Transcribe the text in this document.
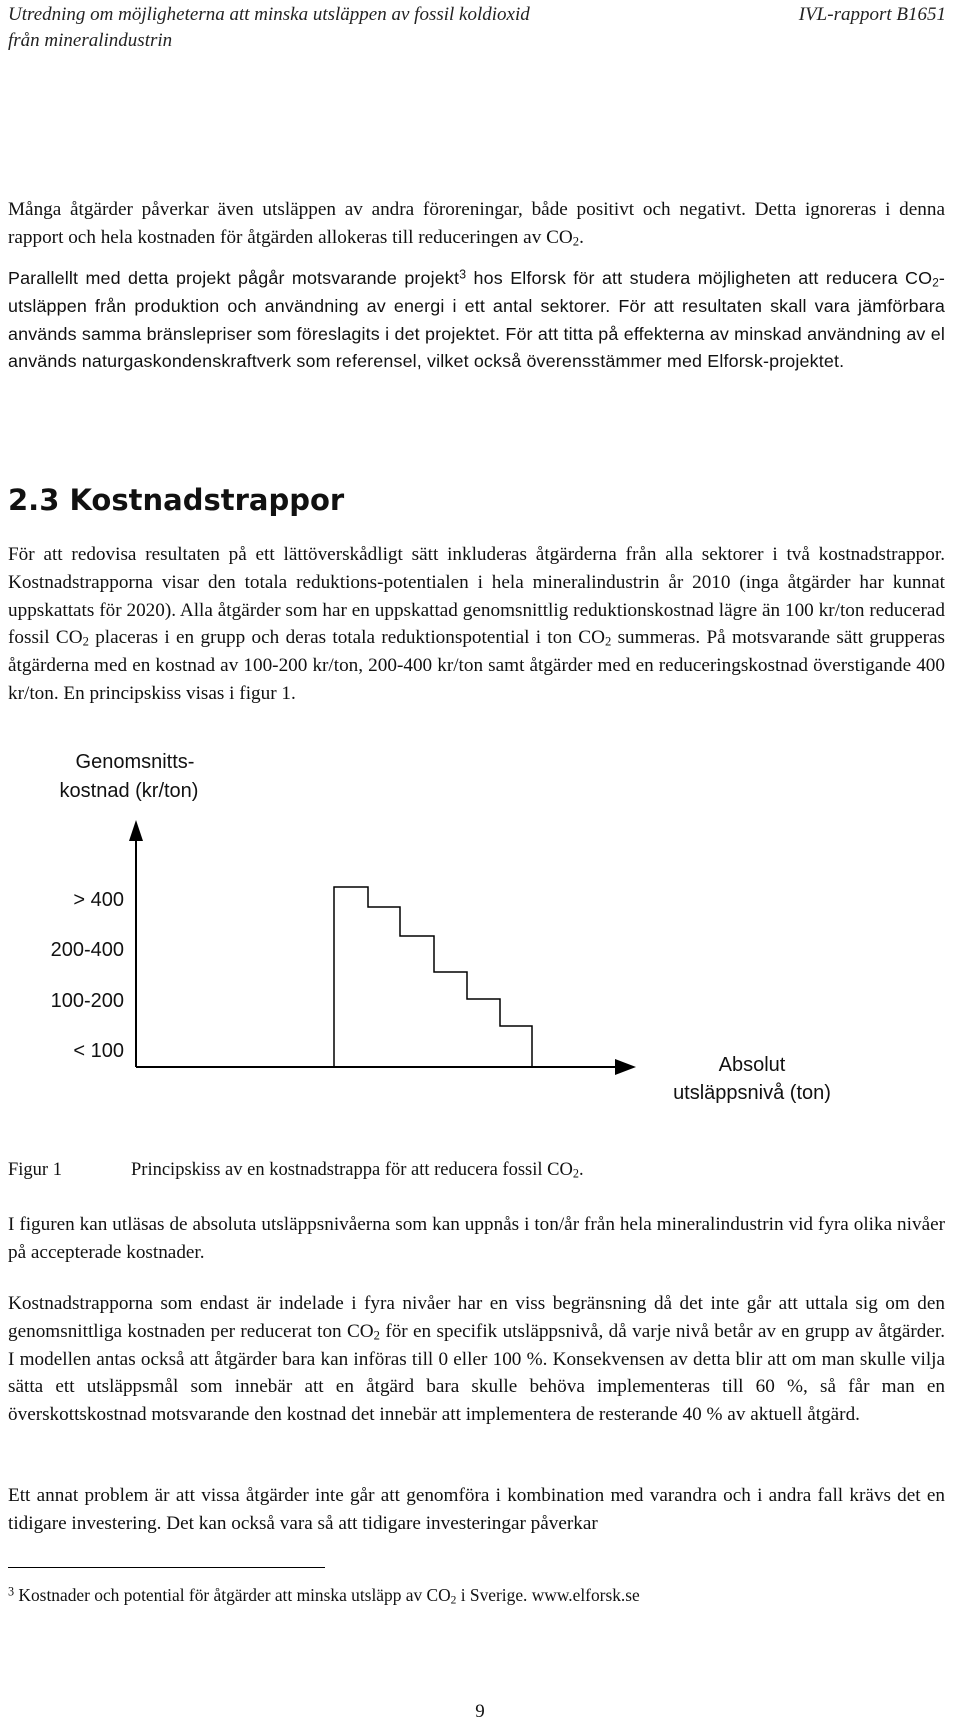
Utredning om möjligheterna att minska utsläppen av fossil koldioxid
från mineralindustrin
IVL-rapport B1651

Många åtgärder påverkar även utsläppen av andra föroreningar, både positivt och negativt. Detta ignoreras i denna rapport och hela kostnaden för åtgärden allokeras till reduceringen av $CO_2$.

Parallellt med detta projekt pågår motsvarande projekt$^3$ hos Elforsk för att studera möjligheten att reducera $CO_2$-utsläppen från produktion och användning av energi i ett antal sektorer. För att resultaten skall vara jämförbara används samma bränslepriser som föreslagits i det projektet. För att titta på effekterna av minskad användning av el används naturgaskondenskraftverk som referensel, vilket också överensstämmer med Elforsk-projektet.

2.3 Kostnadstrappor

För att redovisa resultaten på ett lättöverskådligt sätt inkluderas åtgärderna från alla sektorer i två kostnadstrappor. Kostnadstrapporna visar den totala reduktions-potentialen i hela mineralindustrin år 2010 (inga åtgärder har kunnat uppskattats för 2020). Alla åtgärder som har en uppskattad genomsnittlig reduktionskostnad lägre än 100 kr/ton reducerad fossil $CO_2$ placeras i en grupp och deras totala reduktionspotential i ton $CO_2$ summeras. På motsvarande sätt grupperas åtgärderna med en kostnad av 100-200 kr/ton, 200-400 kr/ton samt åtgärder med en reduceringskostnad överstigande 400 kr/ton. En principskiss visas i figur 1.

Genomsnitts-
kostnad (kr/ton)
> 400
200-400
100-200
< 100
Absolut
utsläppsnivå (ton)
Figur 1	Principskiss av en kostnadstrappa för att reducera fossil $CO_2$.

I figuren kan utläsas de absoluta utsläppsnivåerna som kan uppnås i ton/år från hela mineralindustrin vid fyra olika nivåer på accepterade kostnader.

Kostnadstrapporna som endast är indelade i fyra nivåer har en viss begränsning då det inte går att uttala sig om den genomsnittliga kostnaden per reducerat ton $CO_2$ för en specifik utsläppsnivå, då varje nivå betår av en grupp av åtgärder. I modellen antas också att åtgärder bara kan införas till 0 eller 100 %. Konsekvensen av detta blir att om man skulle vilja sätta ett utsläppsmål som innebär att en åtgärd bara skulle behöva implementeras till 60 %, så får man en överskottskostnad motsvarande den kostnad det innebär att implementera de resterande 40 % av aktuell åtgärd.

Ett annat problem är att vissa åtgärder inte går att genomföra i kombination med varandra och i andra fall krävs det en tidigare investering. Det kan också vara så att tidigare investeringar påverkar

$^3$ Kostnader och potential för åtgärder att minska utsläpp av $CO_2$ i Sverige. www.elforsk.se
9
